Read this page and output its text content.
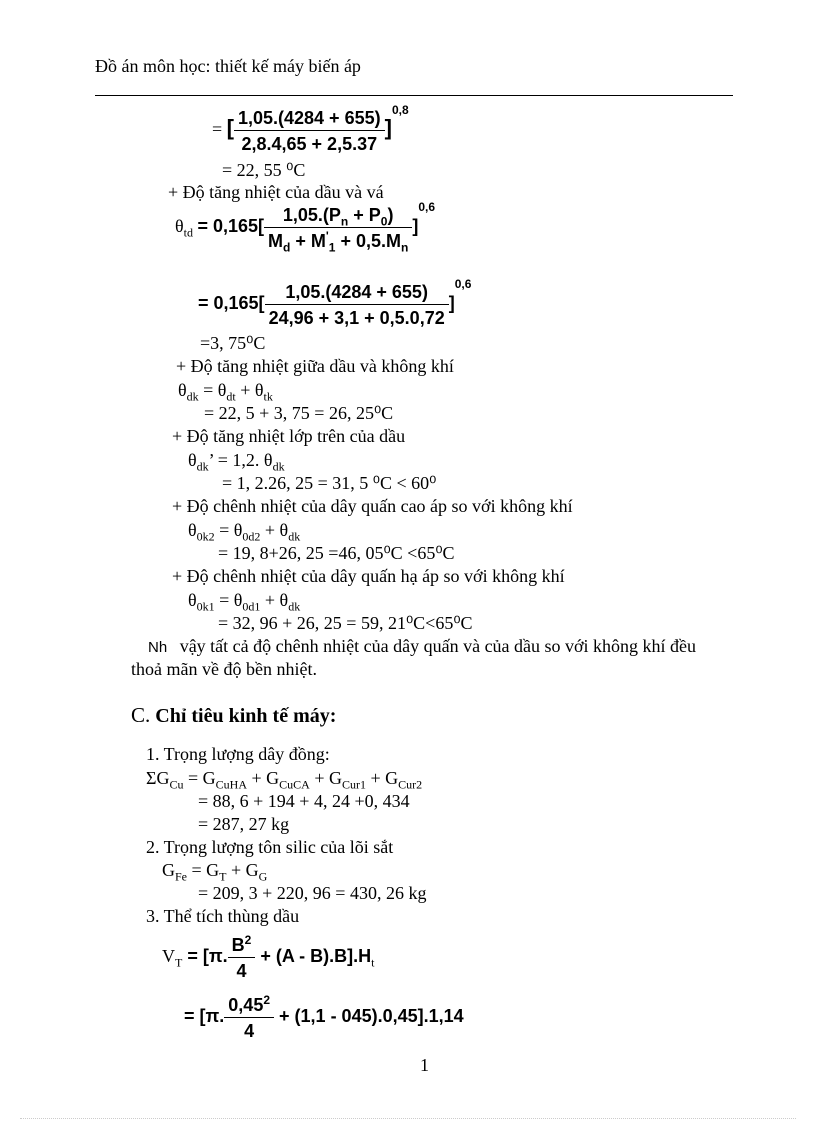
Đồ án môn học: thiết kế máy biến áp
= [ $\frac{1,05.(4284 + 655)}{2,8.4,65 + 2,5.37} ]^{0,8}$
= 22, 55 ⁰C
+ Độ tăng nhiệt của dầu và vá
$\theta_{td} = 0,165[ \frac{1,05.(P_n + P_0)}{M_d + M'_1 + 0,5.M_n} ]^{0,6}$
= $0,165[ \frac{1,05.(4284 + 655)}{24,96 + 3,1 + 0,5.0,72} ]^{0,6}$
=3, 75⁰C
+ Độ tăng nhiệt giữa dầu và không khí
$\theta_{dk} = \theta_{dt} + \theta_{tk}$
= 22, 5 + 3, 75 = 26, 25⁰C
+ Độ tăng nhiệt lớp trên của dầu
$\theta_{dk}$’ = 1,2. $\theta_{dk}$
= 1, 2.26, 25 = 31, 5 ⁰C < 60⁰
+ Độ chênh nhiệt của dây quấn cao áp so với không khí
$\theta_{0k2} = \theta_{0d2} + \theta_{dk}$
= 19, 8+26, 25 =46, 05⁰C <65⁰C
+ Độ chênh nhiệt của dây quấn hạ áp so với không khí
$\theta_{0k1} = \theta_{0d1} + \theta_{dk}$
= 32, 96 + 26, 25 = 59, 21⁰C<65⁰C
Nh vậy tất cả độ chênh nhiệt của dây quấn và của dầu so với không khí đều
thoả mãn về độ bền nhiệt.
C. Chỉ tiêu kinh tế máy:
1. Trọng lượng dây đồng:
$\Sigma G_{Cu} = G_{CuHA} + G_{CuCA} + G_{Cur1} + G_{Cur2}$
= 88, 6 + 194 + 4, 24 +0, 434
= 287, 27 kg
2. Trọng lượng tôn silic của lõi sắt
$G_{Fe} = G_T + G_G$
= 209, 3 + 220, 96 = 430, 26 kg
3. Thể tích thùng dầu
$V_T = [\pi$. $\frac{B^2}{4} + (A - B).B].H_t$
= [π. $\frac{0,45^2}{4} + (1,1 - 045).0,45].1,14$
1
